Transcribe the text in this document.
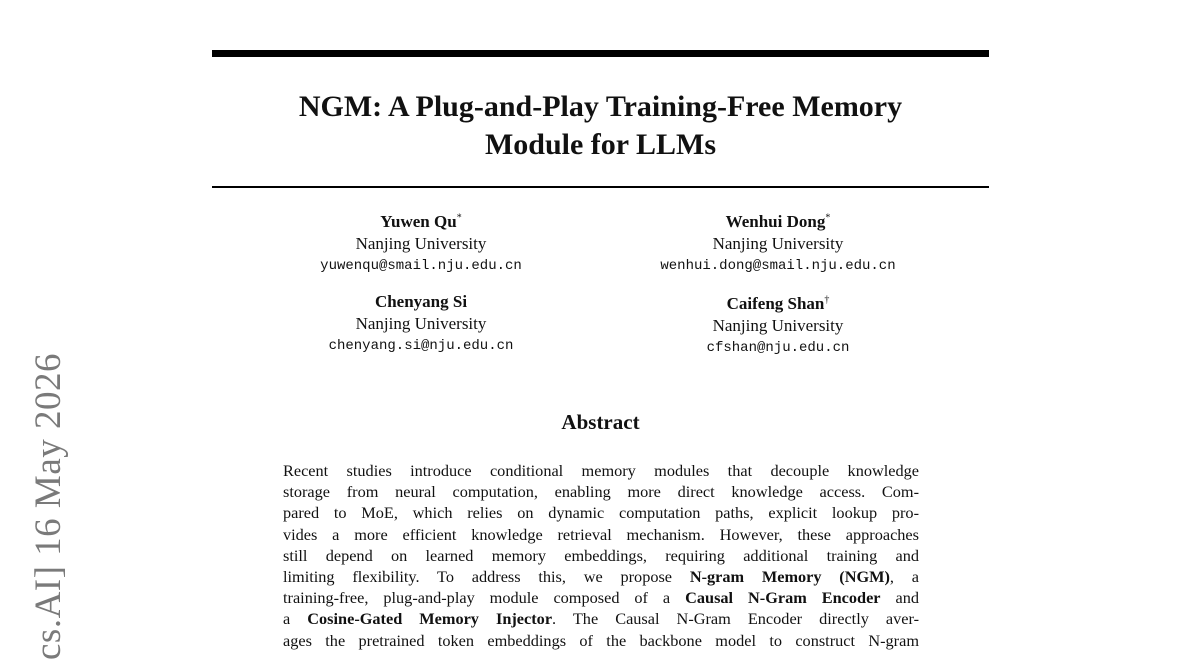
NGM: A Plug-and-Play Training-Free Memory
Module for LLMs
Yuwen Qu*
Nanjing University
yuwenqu@smail.nju.edu.cn
Wenhui Dong*
Nanjing University
wenhui.dong@smail.nju.edu.cn
Chenyang Si
Nanjing University
chenyang.si@nju.edu.cn
Caifeng Shan†
Nanjing University
cfshan@nju.edu.cn
Abstract
Recent studies introduce conditional memory modules that decouple knowledge
storage from neural computation, enabling more direct knowledge access. Com-
pared to MoE, which relies on dynamic computation paths, explicit lookup pro-
vides a more efficient knowledge retrieval mechanism. However, these approaches
still depend on learned memory embeddings, requiring additional training and
limiting flexibility. To address this, we propose N-gram Memory (NGM), a
training-free, plug-and-play module composed of a Causal N-Gram Encoder and
a Cosine-Gated Memory Injector. The Causal N-Gram Encoder directly aver-
ages the pretrained token embeddings of the backbone model to construct N-gram
cs.AI] 16 May 2026
